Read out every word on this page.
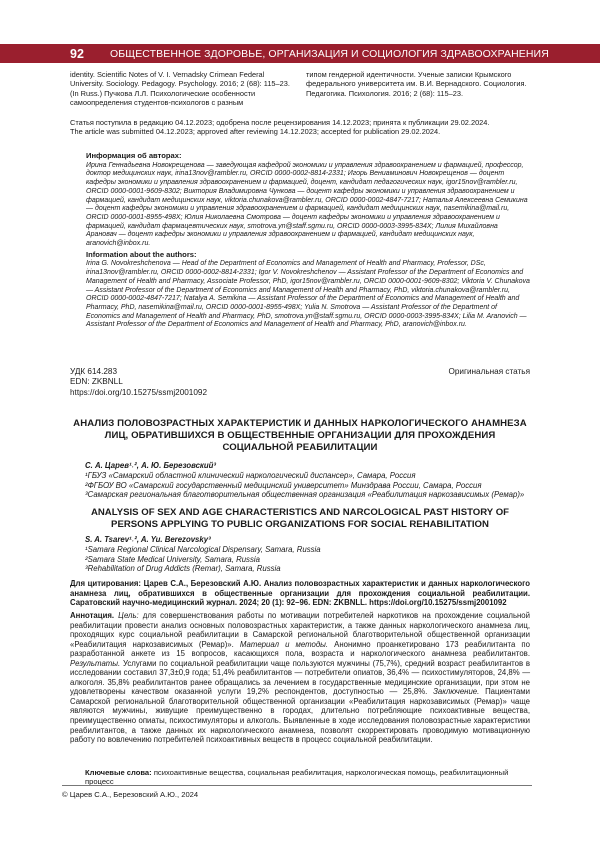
92	ОБЩЕСТВЕННОЕ ЗДОРОВЬЕ, ОРГАНИЗАЦИЯ И СОЦИОЛОГИЯ ЗДРАВООХРАНЕНИЯ
identity. Scientific Notes of V. I. Vernadsky Crimean Federal University. Sociology. Pedagogy. Psychology. 2016; 2 (68): 115–23. (In Russ.) Пучкова Л.Л. Психологические особенности самоопределения студентов-психологов с разным
типом гендерной идентичности. Ученые записки Крымского федерального университета им. В.И. Вернадского. Социология. Педагогика. Психология. 2016; 2 (68): 115–23.
Статья поступила в редакцию 04.12.2023; одобрена после рецензирования 14.12.2023; принята к публикации 29.02.2024.
The article was submitted 04.12.2023; approved after reviewing 14.12.2023; accepted for publication 29.02.2024.
Информация об авторах:

Ирина Геннадьевна Новокрещенова — заведующая кафедрой экономики и управления здравоохранением и фармацией, профессор, доктор медицинских наук, irina13nov@rambler.ru, ORCID 0000-0002-8814-2331; Игорь Вениаминович Новокрещенов — доцент кафедры экономики и управления здравоохранением и фармацией, доцент, кандидат педагогических наук, igor15nov@rambler.ru, ORCID 0000-0001-9609-8302; Виктория Владимировна Чункова — доцент кафедры экономики и управления здравоохранением и фармацией, кандидат медицинских наук, viktoria.chunakova@rambler.ru, ORCID 0000-0002-4847-7217; Наталья Алексеевна Семикина — доцент кафедры экономики и управления здравоохранением и фармацией, кандидат медицинских наук, nasemikina@mail.ru, ORCID 0000-0001-8955-498X; Юлия Николаевна Смотрова — доцент кафедры экономики и управления здравоохранением и фармацией, кандидат фармацевтических наук, smotrova.yn@staff.sgmu.ru, ORCID 0000-0003-3995-834X; Лилия Михайловна Арановач — доцент кафедры экономики и управления здравоохранением и фармацией, кандидат медицинских наук, aranovich@inbox.ru.

Information about the authors:

Irina G. Novokreshchenova — Head of the Department of Economics and Management of Health and Pharmacy, Professor, DSc, irina13nov@rambler.ru, ORCID 0000-0002-8814-2331; Igor V. Novokreshchenov — Assistant Professor of the Department of Economics and Management of Health and Pharmacy, Associate Professor, PhD, igor15nov@rambler.ru, ORCID 0000-0001-9609-8302; Viktoria V. Chunakova — Assistant Professor of the Department of Economics and Management of Health and Pharmacy, PhD, viktoria.chunakova@rambler.ru, ORCID 0000-0002-4847-7217; Natalya A. Semikina — Assistant Professor of the Department of Economics and Management of Health and Pharmacy, PhD, nasemikina@mail.ru, ORCID 0000-0001-8955-498X; Yulia N. Smotrova — Assistant Professor of the Department of Economics and Management of Health and Pharmacy, PhD, smotrova.yn@staff.sgmu.ru, ORCID 0000-0003-3995-834X; Lilia M. Aranovich — Assistant Professor of the Department of Economics and Management of Health and Pharmacy, PhD, aranovich@inbox.ru.

УДК 614.283	Оригинальная статья
EDN: ZKBNLL
https://doi.org/10.15275/ssmj2001092
АНАЛИЗ ПОЛОВОЗРАСТНЫХ ХАРАКТЕРИСТИК И ДАННЫХ НАРКОЛОГИЧЕСКОГО АНАМНЕЗА ЛИЦ, ОБРАТИВШИХСЯ В ОБЩЕСТВЕННЫЕ ОРГАНИЗАЦИИ ДЛЯ ПРОХОЖДЕНИЯ СОЦИАЛЬНОЙ РЕАБИЛИТАЦИИ
С. А. Царев¹˒², А. Ю. Березовский³
¹ГБУЗ «Самарский областной клинический наркологический диспансер», Самара, Россия
²ФГБОУ ВО «Самарский государственный медицинский университет» Минздрава России, Самара, Россия
³Самарская региональная благотворительная общественная организация «Реабилитация наркозависимых (Ремар)»
ANALYSIS OF SEX AND AGE CHARACTERISTICS AND NARCOLOGICAL PAST HISTORY OF PERSONS APPLYING TO PUBLIC ORGANIZATIONS FOR SOCIAL REHABILITATION
S. A. Tsarev¹˒², A. Yu. Berezovsky³
¹Samara Regional Clinical Narcological Dispensary, Samara, Russia
²Samara State Medical University, Samara, Russia
³Rehabilitation of Drug Addicts (Remar), Samara, Russia
Для цитирования: Царев С.А., Березовский А.Ю. Анализ половозрастных характеристик и данных наркологического анамнеза лиц, обратившихся в общественные организации для прохождения социальной реабилитации. Саратовский научно-медицинский журнал. 2024; 20 (1): 92–96. EDN: ZKBNLL. https://doi.org/10.15275/ssmj2001092
Аннотация. Цель: для совершенствования работы по мотивации потребителей наркотиков на прохождение социальной реабилитации провести анализ основных половозрастных характеристик, а также данных наркологического анамнеза лиц, проходящих курс социальной реабилитации в Самарской региональной благотворительной общественной организации «Реабилитация наркозависимых (Ремар)». Материал и методы. Анонимно проанкетировано 173 реабилитанта по разработанной анкете из 15 вопросов, касающихся пола, возраста и наркологического анамнеза реабилитантов. Результаты. Услугами по социальной реабилитации чаще пользуются мужчины (75,7%), средний возраст реабилитантов в исследовании составил 37,3±0,9 года; 51,4% реабилитантов — потребители опиатов, 36,4% — психостимуляторов, 24,8% — алкоголя. 35,8% реабилитантов ранее обращались за лечением в государственные медицинские организации, при этом не удовлетворены качеством оказанной услуги 19,2% респондентов, доступностью — 25,8%. Заключение. Пациентами Самарской региональной благотворительной общественной организации «Реабилитация наркозависимых (Ремар)» чаще являются мужчины, живущие преимущественно в городах, длительно потребляющие психоактивные вещества, преимущественно опиаты, психостимуляторы и алкоголь. Выявленные в ходе исследования половозрастные характеристики реабилитантов, а также данных их наркологического анамнеза, позволят скорректировать проводимую мотивационную работу по вовлечению потребителей психоактивных веществ в процесс социальной реабилитации.
Ключевые слова: психоактивные вещества, социальная реабилитация, наркологическая помощь, реабилитационный процесс
© Царев С.А., Березовский А.Ю., 2024
